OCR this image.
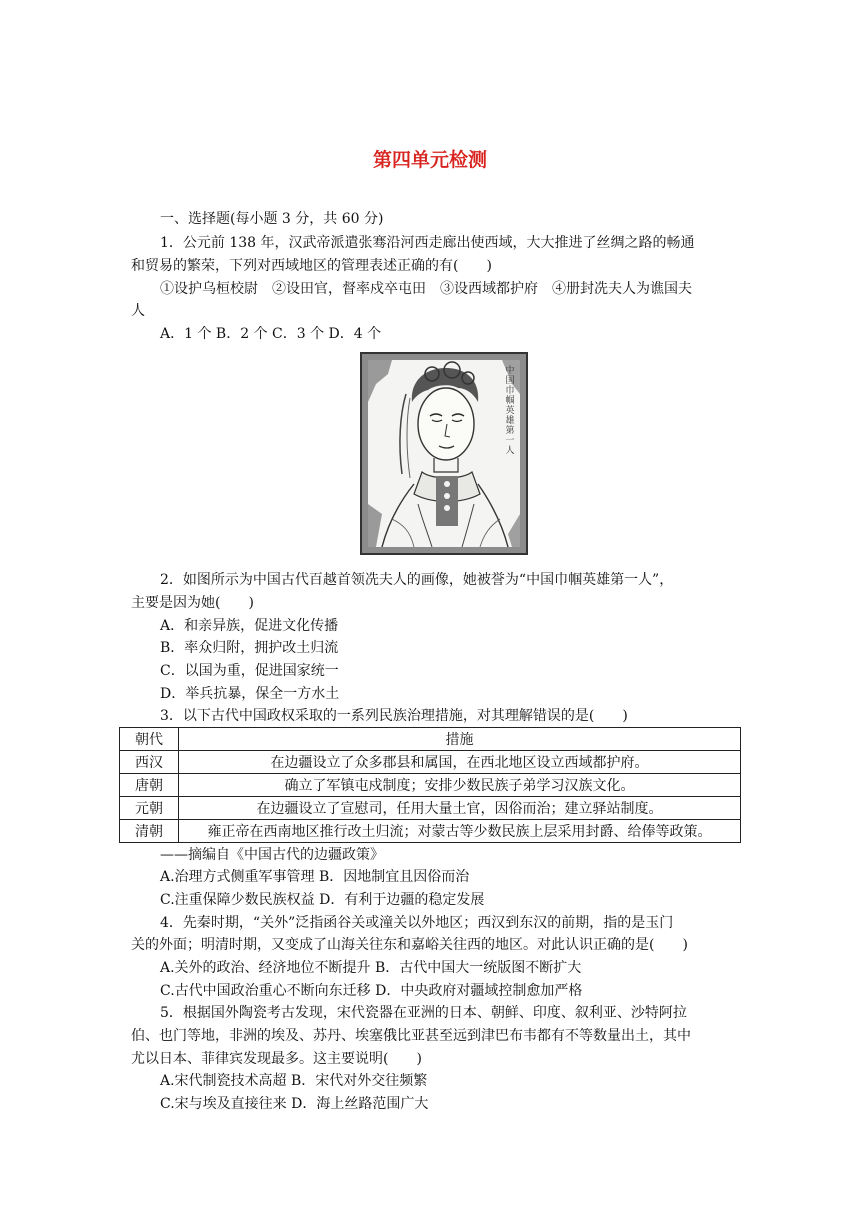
第四单元检测
一、选择题(每小题 3 分，共 60 分)
1．公元前 138 年，汉武帝派遣张骞沿河西走廊出使西域，大大推进了丝绸之路的畅通
和贸易的繁荣，下列对西域地区的管理表述正确的有(　　)
①设护乌桓校尉　②设田官，督率戍卒屯田　③设西域都护府　④册封冼夫人为谯国夫
人
A．1 个 B．2 个 C．3 个 D．4 个
中国巾帼英雄第一人
2．如图所示为中国古代百越首领冼夫人的画像，她被誉为“中国巾帼英雄第一人”，
主要是因为她(　　)
A．和亲异族，促进文化传播
B．率众归附，拥护改土归流
C．以国为重，促进国家统一
D．举兵抗暴，保全一方水土
3．以下古代中国政权采取的一系列民族治理措施，对其理解错误的是(　　)
朝代	措施
西汉	在边疆设立了众多郡县和属国，在西北地区设立西域都护府。
唐朝	确立了军镇屯戍制度；安排少数民族子弟学习汉族文化。
元朝	在边疆设立了宣慰司，任用大量土官，因俗而治；建立驿站制度。
清朝	雍正帝在西南地区推行改土归流；对蒙古等少数民族上层采用封爵、给俸等政策。
——摘编自《中国古代的边疆政策》
A.治理方式侧重军事管理 B．因地制宜且因俗而治
C.注重保障少数民族权益 D．有利于边疆的稳定发展
4．先秦时期，“关外”泛指函谷关或潼关以外地区；西汉到东汉的前期，指的是玉门
关的外面；明清时期，又变成了山海关往东和嘉峪关往西的地区。对此认识正确的是(　　)
A.关外的政治、经济地位不断提升 B．古代中国大一统版图不断扩大
C.古代中国政治重心不断向东迁移 D．中央政府对疆域控制愈加严格
5．根据国外陶瓷考古发现，宋代瓷器在亚洲的日本、朝鲜、印度、叙利亚、沙特阿拉
伯、也门等地，非洲的埃及、苏丹、埃塞俄比亚甚至远到津巴布韦都有不等数量出土，其中
尤以日本、菲律宾发现最多。这主要说明(　　)
A.宋代制瓷技术高超 B．宋代对外交往频繁
C.宋与埃及直接往来 D．海上丝路范围广大
